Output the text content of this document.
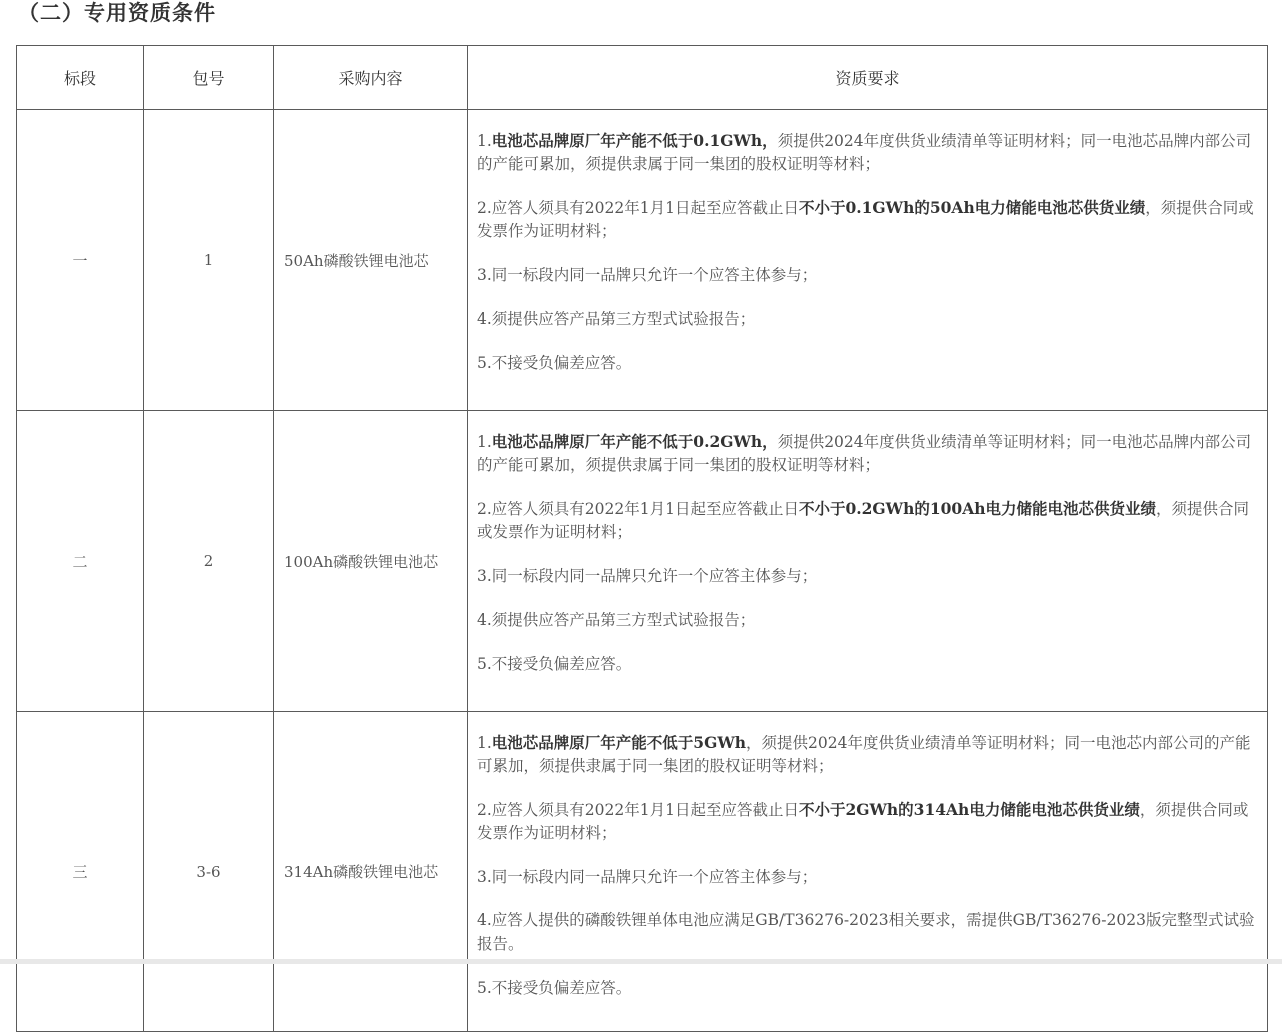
（二）专用资质条件
标段	包号	采购内容	资质要求
一	1	50Ah磷酸铁锂电池芯	1.电池芯品牌原厂年产能不低于0.1GWh，须提供2024年度供货业绩清单等证明材料；同一电池芯品牌内部公司的产能可累加，须提供隶属于同一集团的股权证明等材料；

2.应答人须具有2022年1月1日起至应答截止日不小于0.1GWh的50Ah电力储能电池芯供货业绩，须提供合同或发票作为证明材料；

3.同一标段内同一品牌只允许一个应答主体参与；

4.须提供应答产品第三方型式试验报告；

5.不接受负偏差应答。

二	2	100Ah磷酸铁锂电池芯	1.电池芯品牌原厂年产能不低于0.2GWh，须提供2024年度供货业绩清单等证明材料；同一电池芯品牌内部公司的产能可累加，须提供隶属于同一集团的股权证明等材料；

2.应答人须具有2022年1月1日起至应答截止日不小于0.2GWh的100Ah电力储能电池芯供货业绩，须提供合同或发票作为证明材料；

3.同一标段内同一品牌只允许一个应答主体参与；

4.须提供应答产品第三方型式试验报告；

5.不接受负偏差应答。

三	3-6	314Ah磷酸铁锂电池芯	1.电池芯品牌原厂年产能不低于5GWh，须提供2024年度供货业绩清单等证明材料；同一电池芯内部公司的产能可累加，须提供隶属于同一集团的股权证明等材料；

2.应答人须具有2022年1月1日起至应答截止日不小于2GWh的314Ah电力储能电池芯供货业绩，须提供合同或发票作为证明材料；

3.同一标段内同一品牌只允许一个应答主体参与；

4.应答人提供的磷酸铁锂单体电池应满足GB/T36276-2023相关要求，需提供GB/T36276-2023版完整型式试验报告。

5.不接受负偏差应答。
